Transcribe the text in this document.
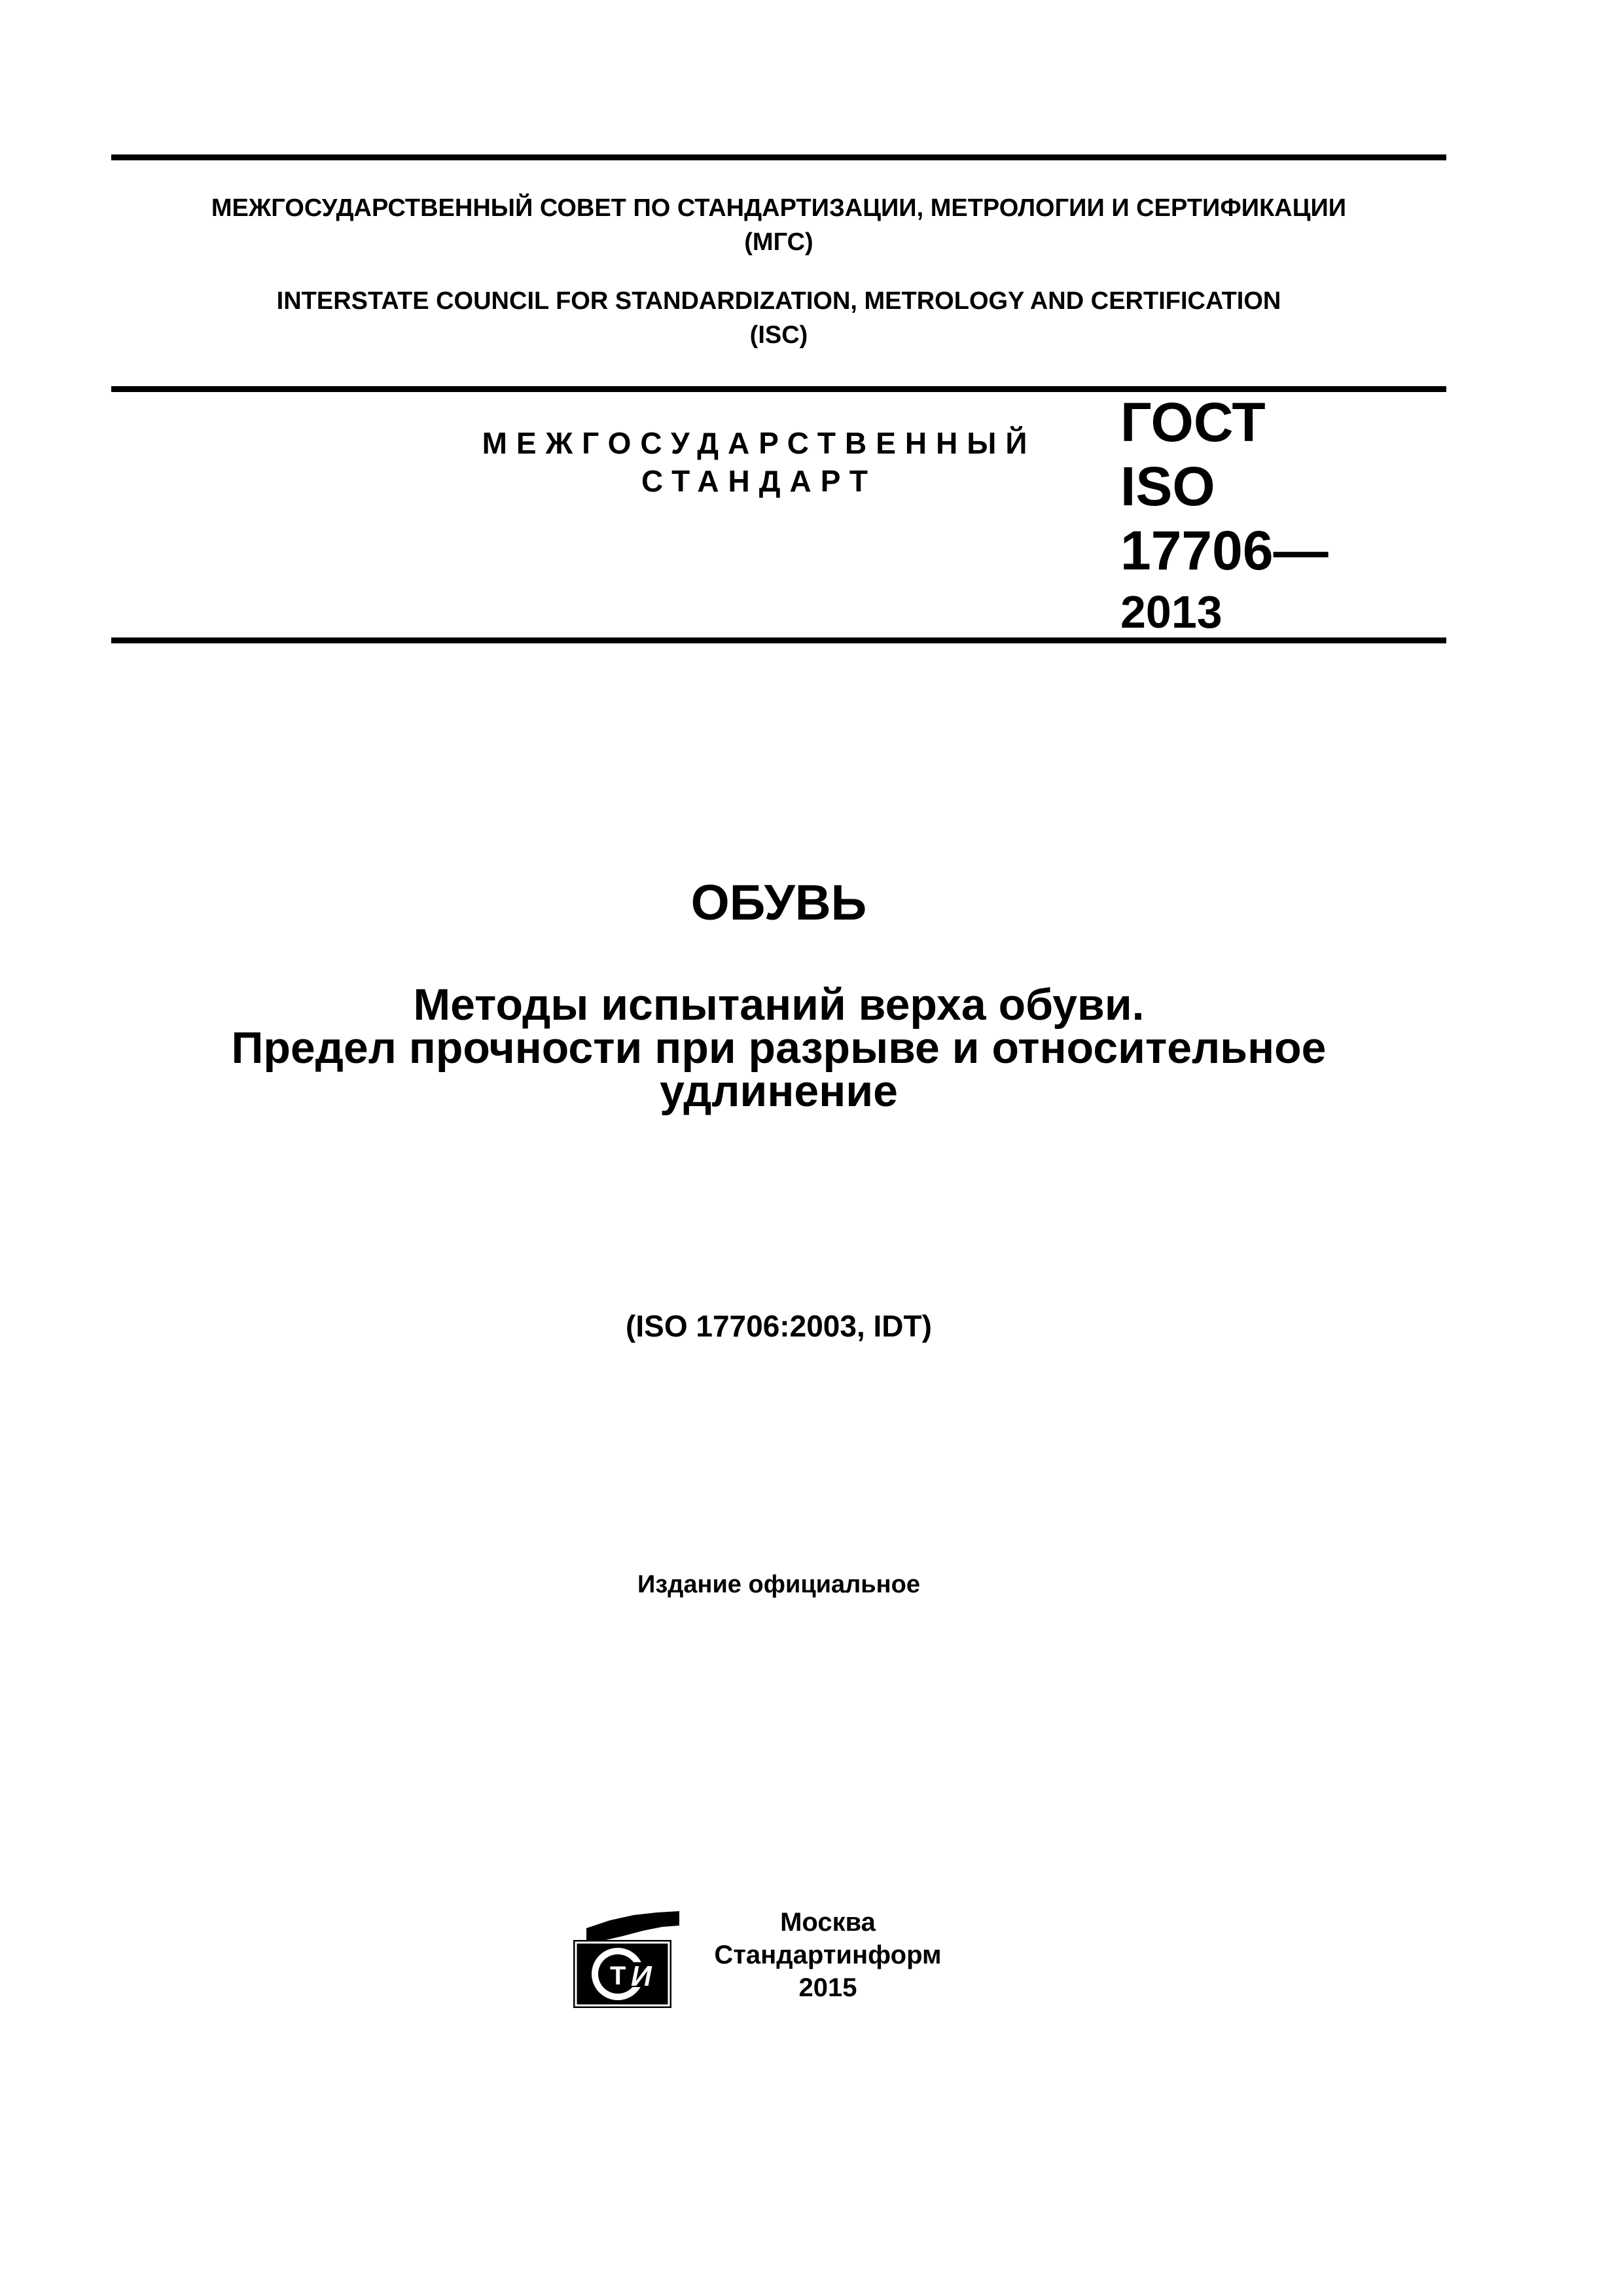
МЕЖГОСУДАРСТВЕННЫЙ СОВЕТ ПО СТАНДАРТИЗАЦИИ, МЕТРОЛОГИИ И СЕРТИФИКАЦИИ
(МГС)
INTERSTATE COUNCIL FOR STANDARDIZATION, METROLOGY AND CERTIFICATION
(ISC)
МЕЖГОСУДАРСТВЕННЫЙ
СТАНДАРТ
ГОСТ
ISO
17706—
2013
ОБУВЬ
Методы испытаний верха обуви.
Предел прочности при разрыве и относительное
удлинение
(ISO 17706:2003, IDT)
Издание официальное
И
Т
Москва
Стандартинформ
2015
